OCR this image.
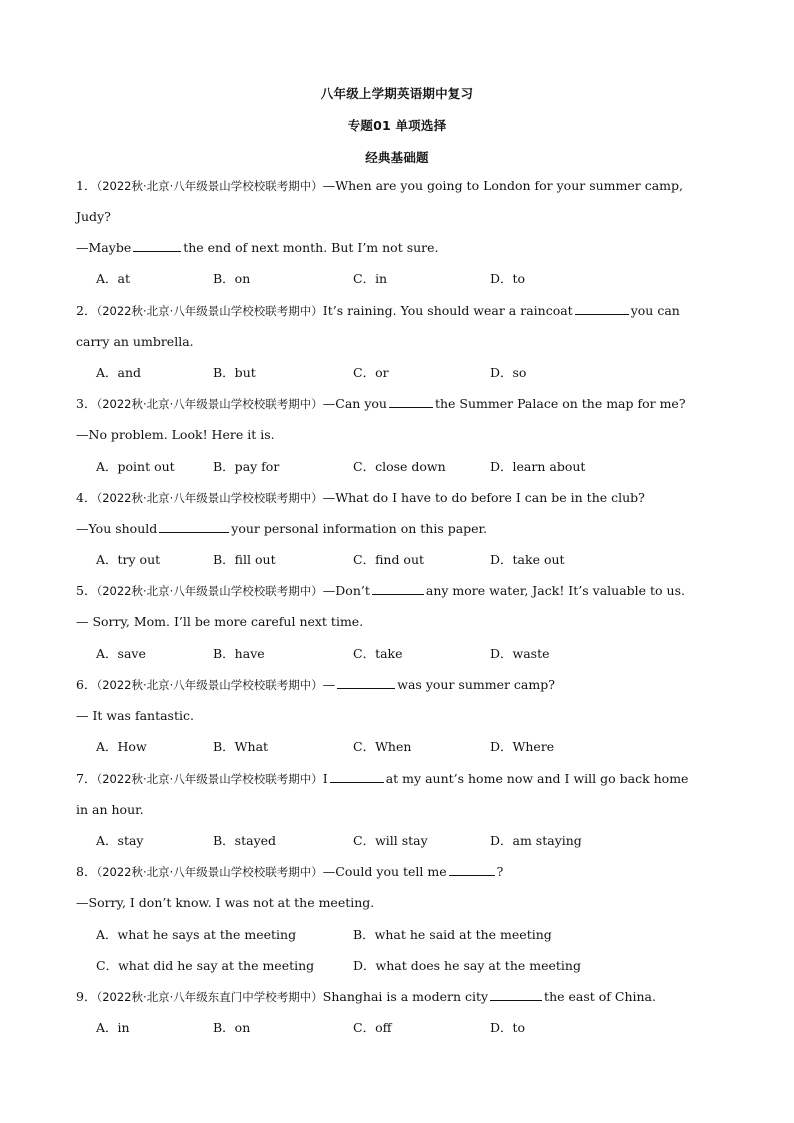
八年级上学期英语期中复习
专题01 单项选择
经典基础题
1．（2022秋·北京·八年级景山学校校联考期中）—When are you going to London for your summer camp,
Judy?
—Maybe	the end of next month. But I’m not sure.
A．at	B．on	C．in	D．to
2．（2022秋·北京·八年级景山学校校联考期中）It’s raining. You should wear a raincoat	you can
carry an umbrella.
A．and	B．but	C．or	D．so
3．（2022秋·北京·八年级景山学校校联考期中）—Can you	the Summer Palace on the map for me?
—No problem. Look! Here it is.
A．point out	B．pay for	C．close down	D．learn about
4．（2022秋·北京·八年级景山学校校联考期中）—What do I have to do before I can be in the club?
—You should	your personal information on this paper.
A．try out	B．fill out	C．find out	D．take out
5．（2022秋·北京·八年级景山学校校联考期中）—Don’t	any more water, Jack! It’s valuable to us.
— Sorry, Mom. I’ll be more careful next time.
A．save	B．have	C．take	D．waste
6．（2022秋·北京·八年级景山学校校联考期中）—	was your summer camp?
— It was fantastic.
A．How	B．What	C．When	D．Where
7．（2022秋·北京·八年级景山学校校联考期中）I	at my aunt’s home now and I will go back home
in an hour.
A．stay	B．stayed	C．will stay	D．am staying
8．（2022秋·北京·八年级景山学校校联考期中）—Could you tell me	?
—Sorry, I don’t know. I was not at the meeting.
A．what he says at the meeting	B．what he said at the meeting
C．what did he say at the meeting	D．what does he say at the meeting
9．（2022秋·北京·八年级东直门中学校考期中）Shanghai is a modern city	the east of China.
A．in	B．on	C．off	D．to
